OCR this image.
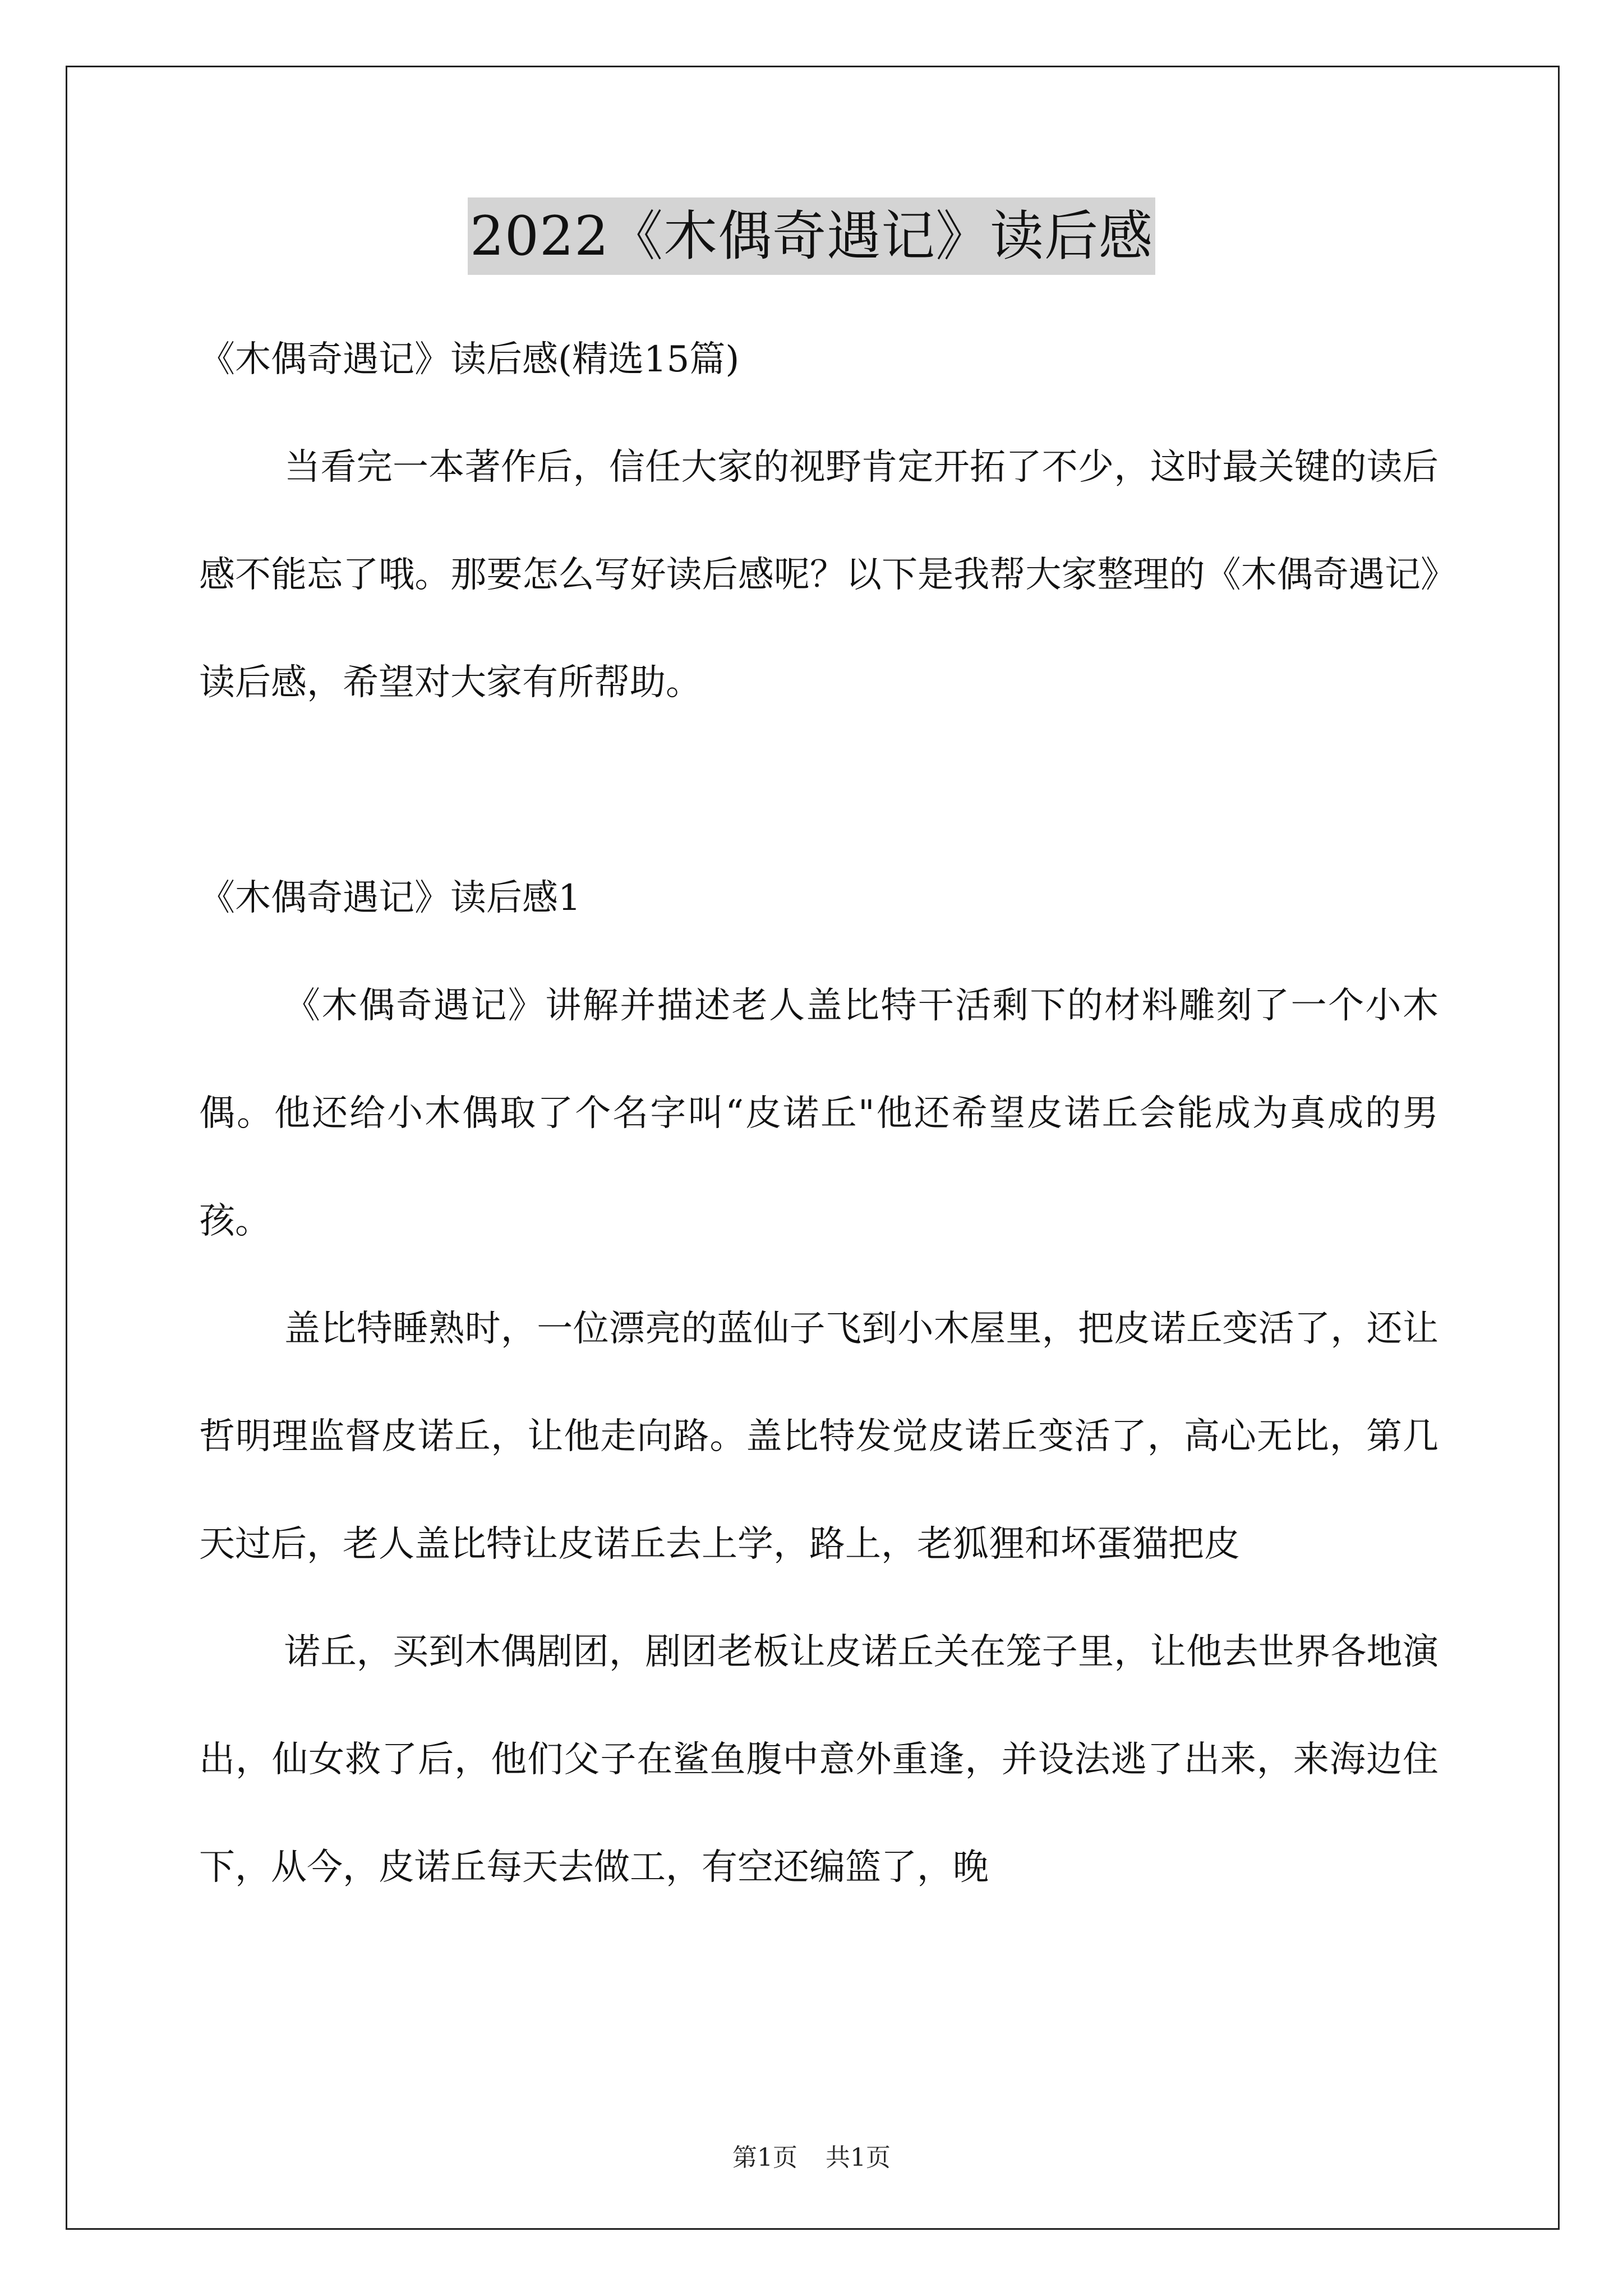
2022《木偶奇遇记》读后感

《木偶奇遇记》读后感(精选15篇)

当看完一本著作后，信任大家的视野肯定开拓了不少，这时最关键的读后感不能忘了哦。那要怎么写好读后感呢？以下是我帮大家整理的《木偶奇遇记》读后感，希望对大家有所帮助。

《木偶奇遇记》读后感1

《木偶奇遇记》讲解并描述老人盖比特干活剩下的材料雕刻了一个小木偶。他还给小木偶取了个名字叫“皮诺丘"他还希望皮诺丘会能成为真成的男孩。

盖比特睡熟时，一位漂亮的蓝仙子飞到小木屋里，把皮诺丘变活了，还让哲明理监督皮诺丘，让他走向路。盖比特发觉皮诺丘变活了，高心无比，第几天过后，老人盖比特让皮诺丘去上学，路上，老狐狸和坏蛋猫把皮

诺丘，买到木偶剧团，剧团老板让皮诺丘关在笼子里，让他去世界各地演出，仙女救了后，他们父子在鲨鱼腹中意外重逢，并设法逃了出来，来海边住下，从今，皮诺丘每天去做工，有空还编篮了，晚

第1页 共1页
